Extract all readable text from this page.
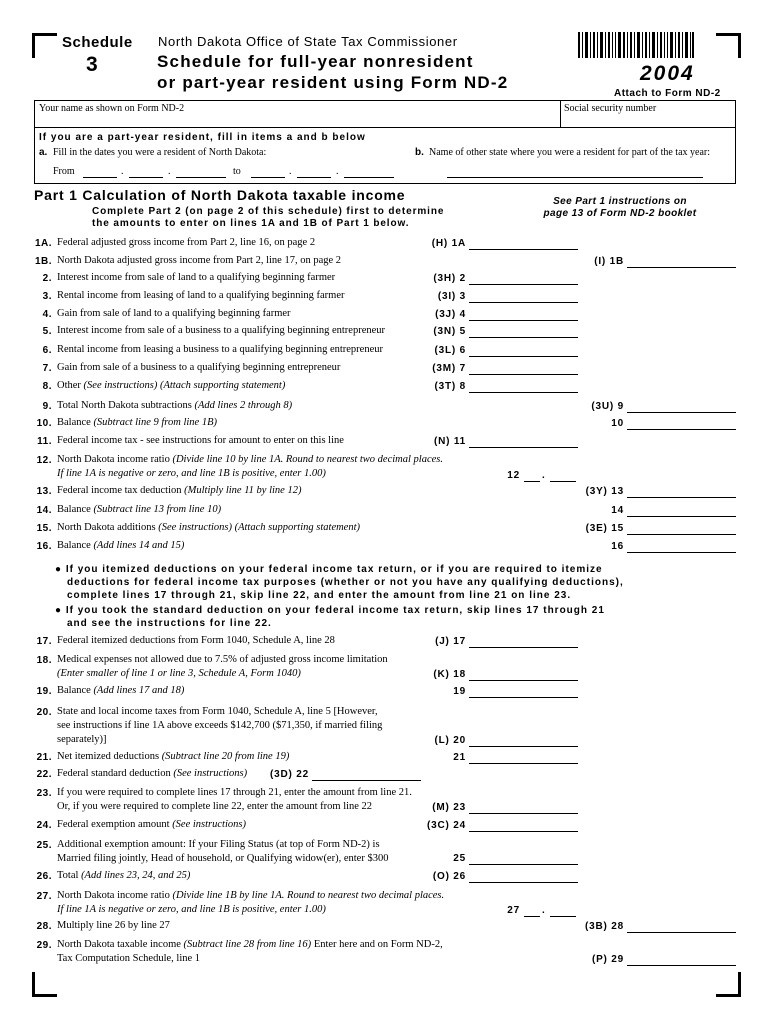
Schedule
3
North Dakota Office of State Tax Commissioner
Schedule for full-year nonresident
or part-year resident using Form ND-2	2004
Attach to Form ND-2
Your name as shown on Form ND-2	Social security number
If you are a part-year resident, fill in items a and b below
a. Fill in the dates you were a resident of North Dakota:	b. Name of other state where you were a resident for part of the tax year:
From	.	.	to	.	.
Part 1 Calculation of North Dakota taxable income
Complete Part 2 (on page 2 of this schedule) first to determine
the amounts to enter on lines 1A and 1B of Part 1 below.
See Part 1 instructions on
page 13 of Form ND-2 booklet
● If you itemized deductions on your federal income tax return, or if you are required to itemize
deductions for federal income tax purposes (whether or not you have any qualifying deductions),
complete lines 17 through 21, skip line 22, and enter the amount from line 21 on line 23.
● If you took the standard deduction on your federal income tax return, skip lines 17 through 21
and see the instructions for line 22.
1A. Federal adjusted gross income from Part 2, line 16, on page 2	(H) 1A
1B. North Dakota adjusted gross income from Part 2, line 17, on page 2	(I) 1B
2. Interest income from sale of land to a qualifying beginning farmer	(3H) 2
3. Rental income from leasing of land to a qualifying beginning farmer	(3I) 3
4. Gain from sale of land to a qualifying beginning farmer	(3J) 4
5. Interest income from sale of a business to a qualifying beginning entrepreneur	(3N) 5
6. Rental income from leasing a business to a qualifying beginning entrepreneur	(3L) 6
7. Gain from sale of a business to a qualifying beginning entrepreneur	(3M) 7
8. Other (See instructions) (Attach supporting statement)	(3T) 8
9. Total North Dakota subtractions (Add lines 2 through 8)	(3U) 9
10. Balance (Subtract line 9 from line 1B)	10
11. Federal income tax - see instructions for amount to enter on this line	(N) 11
12. North Dakota income ratio (Divide line 10 by line 1A. Round to nearest two decimal places.
If line 1A is negative or zero, and line 1B is positive, enter 1.00)	12 .
13. Federal income tax deduction (Multiply line 11 by line 12)	(3Y) 13
14. Balance (Subtract line 13 from line 10)	14
15. North Dakota additions (See instructions) (Attach supporting statement)	(3E) 15
16. Balance (Add lines 14 and 15)	16
17. Federal itemized deductions from Form 1040, Schedule A, line 28	(J) 17
18. Medical expenses not allowed due to 7.5% of adjusted gross income limitation
(Enter smaller of line 1 or line 3, Schedule A, Form 1040)	(K) 18
19. Balance (Add lines 17 and 18)	19
20. State and local income taxes from Form 1040, Schedule A, line 5 [However,
see instructions if line 1A above exceeds $142,700 ($71,350, if married filing
separately)]	(L) 20
21. Net itemized deductions (Subtract line 20 from line 19)	21
22. Federal standard deduction (See instructions) (3D) 22
23. If you were required to complete lines 17 through 21, enter the amount from line 21.
Or, if you were required to complete line 22, enter the amount from line 22	(M) 23
24. Federal exemption amount (See instructions)	(3C) 24
25. Additional exemption amount: If your Filing Status (at top of Form ND-2) is
Married filing jointly, Head of household, or Qualifying widow(er), enter $300	25
26. Total (Add lines 23, 24, and 25)	(O) 26
27. North Dakota income ratio (Divide line 1B by line 1A. Round to nearest two decimal places.
If line 1A is negative or zero, and line 1B is positive, enter 1.00)	27 .
28. Multiply line 26 by line 27	(3B) 28
29. North Dakota taxable income (Subtract line 28 from line 16) Enter here and on Form ND-2,
Tax Computation Schedule, line 1	(P) 29
